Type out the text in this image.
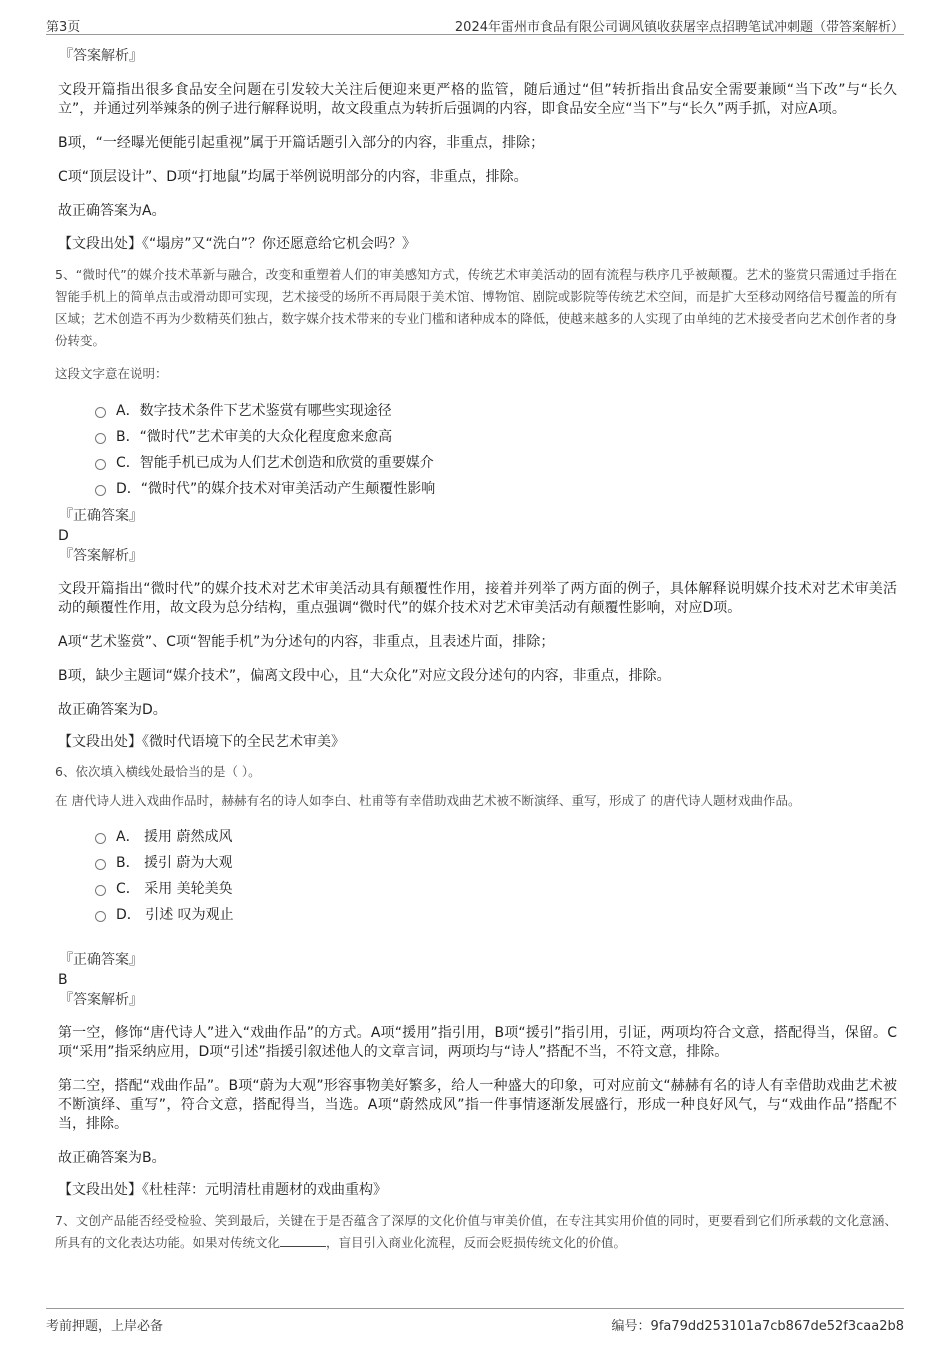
第3页	2024年雷州市食品有限公司调风镇收获屠宰点招聘笔试冲刺题（带答案解析）
『答案解析』
文段开篇指出很多食品安全问题在引发较大关注后便迎来更严格的监管，随后通过“但”转折指出食品安全需要兼顾“当下改”与“长久立”，并通过列举辣条的例子进行解释说明，故文段重点为转折后强调的内容，即食品安全应“当下”与“长久”两手抓，对应A项。
B项，“一经曝光便能引起重视”属于开篇话题引入部分的内容，非重点，排除；
C项“顶层设计”、D项“打地鼠”均属于举例说明部分的内容，非重点，排除。
故正确答案为A。
【文段出处】《“塌房”又“洗白”？你还愿意给它机会吗？》
5、“微时代”的媒介技术革新与融合，改变和重塑着人们的审美感知方式，传统艺术审美活动的固有流程与秩序几乎被颠覆。艺术的鉴赏只需通过手指在智能手机上的简单点击或滑动即可实现，艺术接受的场所不再局限于美术馆、博物馆、剧院或影院等传统艺术空间，而是扩大至移动网络信号覆盖的所有区域；艺术创造不再为少数精英们独占，数字媒介技术带来的专业门槛和诸种成本的降低，使越来越多的人实现了由单纯的艺术接受者向艺术创作者的身份转变。
这段文字意在说明：
A．数字技术条件下艺术鉴赏有哪些实现途径
B．“微时代”艺术审美的大众化程度愈来愈高
C．智能手机已成为人们艺术创造和欣赏的重要媒介
D．“微时代”的媒介技术对审美活动产生颠覆性影响
『正确答案』
D
『答案解析』
文段开篇指出“微时代”的媒介技术对艺术审美活动具有颠覆性作用，接着并列举了两方面的例子，具体解释说明媒介技术对艺术审美活动的颠覆性作用，故文段为总分结构，重点强调“微时代”的媒介技术对艺术审美活动有颠覆性影响，对应D项。
A项“艺术鉴赏”、C项“智能手机”为分述句的内容，非重点，且表述片面，排除；
B项，缺少主题词“媒介技术”，偏离文段中心，且“大众化”对应文段分述句的内容，非重点，排除。
故正确答案为D。
【文段出处】《微时代语境下的全民艺术审美》
6、依次填入横线处最恰当的是（ ）。
在 唐代诗人进入戏曲作品时，赫赫有名的诗人如李白、杜甫等有幸借助戏曲艺术被不断演绎、重写，形成了 的唐代诗人题材戏曲作品。
A． 援用 蔚然成风
B． 援引 蔚为大观
C． 采用 美轮美奂
D． 引述 叹为观止
『正确答案』
B
『答案解析』
第一空，修饰“唐代诗人”进入“戏曲作品”的方式。A项“援用”指引用，B项“援引”指引用，引证，两项均符合文意，搭配得当，保留。C项“采用”指采纳应用，D项“引述”指援引叙述他人的文章言词，两项均与“诗人”搭配不当，不符文意，排除。
第二空，搭配“戏曲作品”。B项“蔚为大观”形容事物美好繁多，给人一种盛大的印象，可对应前文“赫赫有名的诗人有幸借助戏曲艺术被不断演绎、重写”，符合文意，搭配得当，当选。A项“蔚然成风”指一件事情逐渐发展盛行，形成一种良好风气，与“戏曲作品”搭配不当，排除。
故正确答案为B。
【文段出处】《杜桂萍：元明清杜甫题材的戏曲重构》
7、文创产品能否经受检验、笑到最后，关键在于是否蕴含了深厚的文化价值与审美价值，在专注其实用价值的同时，更要看到它们所承载的文化意涵、所具有的文化表达功能。如果对传统文化	，盲目引入商业化流程，反而会贬损传统文化的价值。
考前押题，上岸必备	编号：9fa79dd253101a7cb867de52f3caa2b8
